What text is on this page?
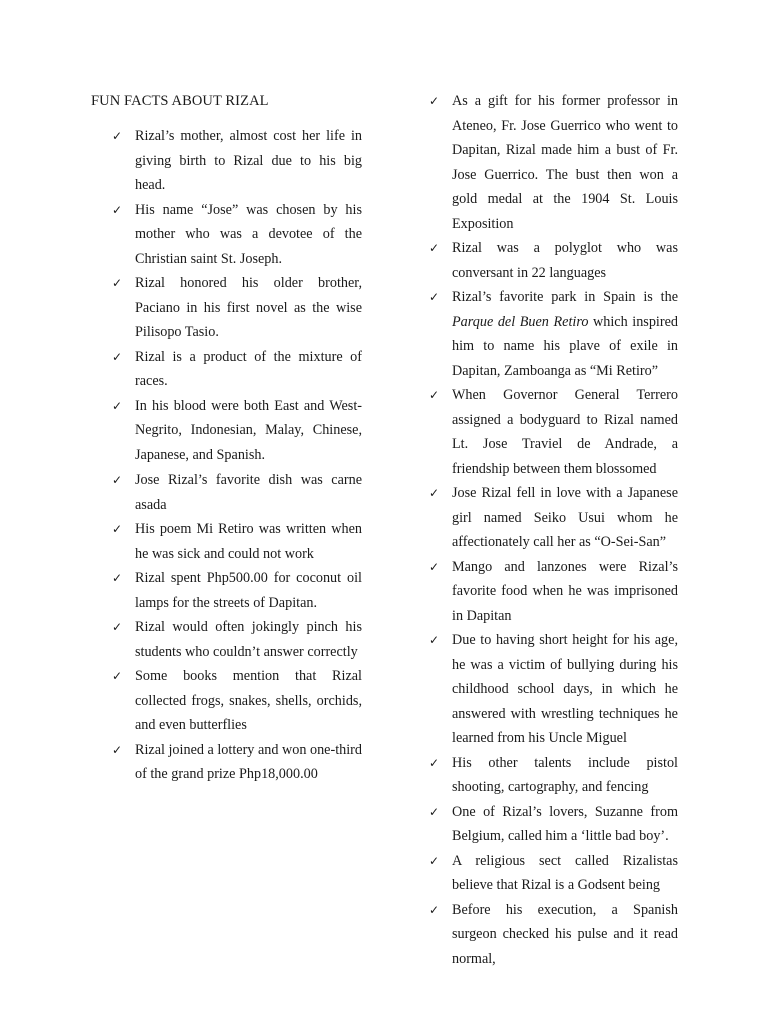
FUN FACTS ABOUT RIZAL
✓ Rizal’s mother, almost cost her life in giving birth to Rizal due to his big head.
✓ His name “Jose” was chosen by his mother who was a devotee of the Christian saint St. Joseph.
✓ Rizal honored his older brother, Paciano in his first novel as the wise Pilisopo Tasio.
✓ Rizal is a product of the mixture of races.
✓ In his blood were both East and West- Negrito, Indonesian, Malay, Chinese, Japanese, and Spanish.
✓ Jose Rizal’s favorite dish was carne asada
✓ His poem Mi Retiro was written when he was sick and could not work
✓ Rizal spent Php500.00 for coconut oil lamps for the streets of Dapitan.
✓ Rizal would often jokingly pinch his students who couldn’t answer correctly
✓ Some books mention that Rizal collected frogs, snakes, shells, orchids, and even butterflies
✓ Rizal joined a lottery and won one-third of the grand prize Php18,000.00
✓ As a gift for his former professor in Ateneo, Fr. Jose Guerrico who went to Dapitan, Rizal made him a bust of Fr. Jose Guerrico. The bust then won a gold medal at the 1904 St. Louis Exposition
✓ Rizal was a polyglot who was conversant in 22 languages
✓ Rizal’s favorite park in Spain is the Parque del Buen Retiro which inspired him to name his plave of exile in Dapitan, Zamboanga as “Mi Retiro”
✓ When Governor General Terrero assigned a bodyguard to Rizal named Lt. Jose Traviel de Andrade, a friendship between them blossomed
✓ Jose Rizal fell in love with a Japanese girl named Seiko Usui whom he affectionately call her as “O-Sei-San”
✓ Mango and lanzones were Rizal’s favorite food when he was imprisoned in Dapitan
✓ Due to having short height for his age, he was a victim of bullying during his childhood school days, in which he answered with wrestling techniques he learned from his Uncle Miguel
✓ His other talents include pistol shooting, cartography, and fencing
✓ One of Rizal’s lovers, Suzanne from Belgium, called him a ‘little bad boy’.
✓ A religious sect called Rizalistas believe that Rizal is a Godsent being
✓ Before his execution, a Spanish surgeon checked his pulse and it read normal,
